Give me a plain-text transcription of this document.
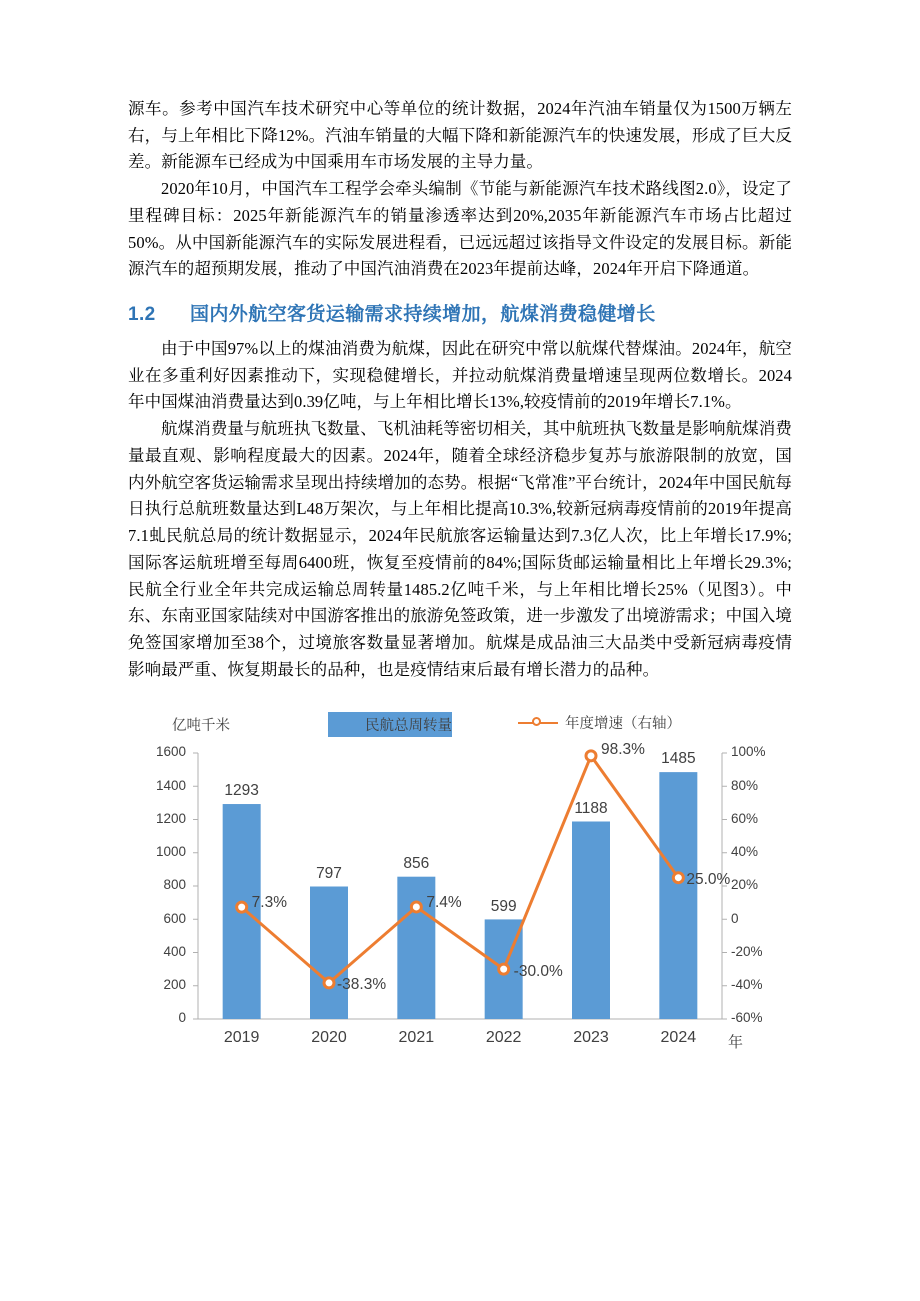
源车。参考中国汽车技术研究中心等单位的统计数据，2024年汽油车销量仅为1500万辆左右，与上年相比下降12%。汽油车销量的大幅下降和新能源汽车的快速发展，形成了巨大反差。新能源车已经成为中国乘用车市场发展的主导力量。

2020年10月，中国汽车工程学会牵头编制《节能与新能源汽车技术路线图2.0》，设定了里程碑目标：2025年新能源汽车的销量渗透率达到20%,2035年新能源汽车市场占比超过50%。从中国新能源汽车的实际发展进程看，已远远超过该指导文件设定的发展目标。新能源汽车的超预期发展，推动了中国汽油消费在2023年提前达峰，2024年开启下降通道。

1.2 国内外航空客货运输需求持续增加，航煤消费稳健增长

由于中国97%以上的煤油消费为航煤，因此在研究中常以航煤代替煤油。2024年，航空业在多重利好因素推动下，实现稳健增长，并拉动航煤消费量增速呈现两位数增长。2024年中国煤油消费量达到0.39亿吨，与上年相比增长13%,较疫情前的2019年增长7.1%。

航煤消费量与航班执飞数量、飞机油耗等密切相关，其中航班执飞数量是影响航煤消费量最直观、影响程度最大的因素。2024年，随着全球经济稳步复苏与旅游限制的放宽，国内外航空客货运输需求呈现出持续增加的态势。根据“飞常准”平台统计，2024年中国民航每日执行总航班数量达到L48万架次，与上年相比提高10.3%,较新冠病毒疫情前的2019年提高7.1虬民航总局的统计数据显示，2024年民航旅客运输量达到7.3亿人次，比上年增长17.9%;国际客运航班增至每周6400班，恢复至疫情前的84%;国际货邮运输量相比上年增长29.3%;民航全行业全年共完成运输总周转量1485.2亿吨千米，与上年相比增长25%（见图3）。中东、东南亚国家陆续对中国游客推出的旅游免签政策，进一步激发了出境游需求；中国入境免签国家增加至38个，过境旅客数量显著增加。航煤是成品油三大品类中受新冠病毒疫情影响最严重、恢复期最长的品种，也是疫情结束后最有增长潜力的品种。

亿吨千米	民航总周转量	年度增速（右轴）
0
200
400
600
800
1000
1200
1400
1600
-60%
-40%
-20%
0
20%
40%
60%
80%
100%
1293
797
856
599
1188
1485
7.3%
-38.3%
7.4%
-30.0%
98.3%
25.0%
2019	2020	2021	2022	2023	2024	年
